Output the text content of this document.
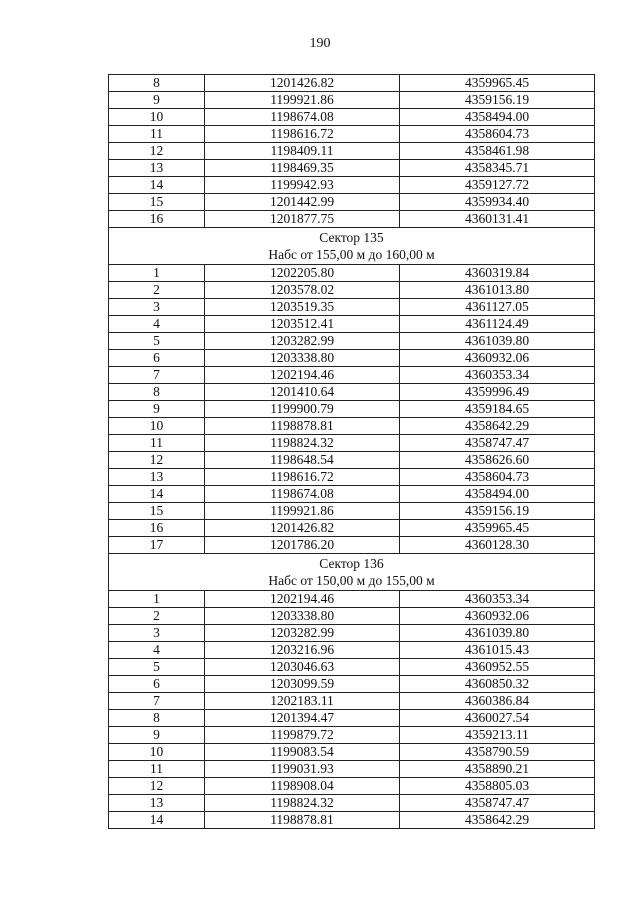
190
8	1201426.82	4359965.45
9	1199921.86	4359156.19
10	1198674.08	4358494.00
11	1198616.72	4358604.73
12	1198409.11	4358461.98
13	1198469.35	4358345.71
14	1199942.93	4359127.72
15	1201442.99	4359934.40
16	1201877.75	4360131.41

Сектор 135
Набс от 155,00 м до 160,00 м		

1	1202205.80	4360319.84
2	1203578.02	4361013.80
3	1203519.35	4361127.05
4	1203512.41	4361124.49
5	1203282.99	4361039.80
6	1203338.80	4360932.06
7	1202194.46	4360353.34
8	1201410.64	4359996.49
9	1199900.79	4359184.65
10	1198878.81	4358642.29
11	1198824.32	4358747.47
12	1198648.54	4358626.60
13	1198616.72	4358604.73
14	1198674.08	4358494.00
15	1199921.86	4359156.19
16	1201426.82	4359965.45
17	1201786.20	4360128.30

Сектор 136
Набс от 150,00 м до 155,00 м		

1	1202194.46	4360353.34
2	1203338.80	4360932.06
3	1203282.99	4361039.80
4	1203216.96	4361015.43
5	1203046.63	4360952.55
6	1203099.59	4360850.32
7	1202183.11	4360386.84
8	1201394.47	4360027.54
9	1199879.72	4359213.11
10	1199083.54	4358790.59
11	1199031.93	4358890.21
12	1198908.04	4358805.03
13	1198824.32	4358747.47
14	1198878.81	4358642.29
